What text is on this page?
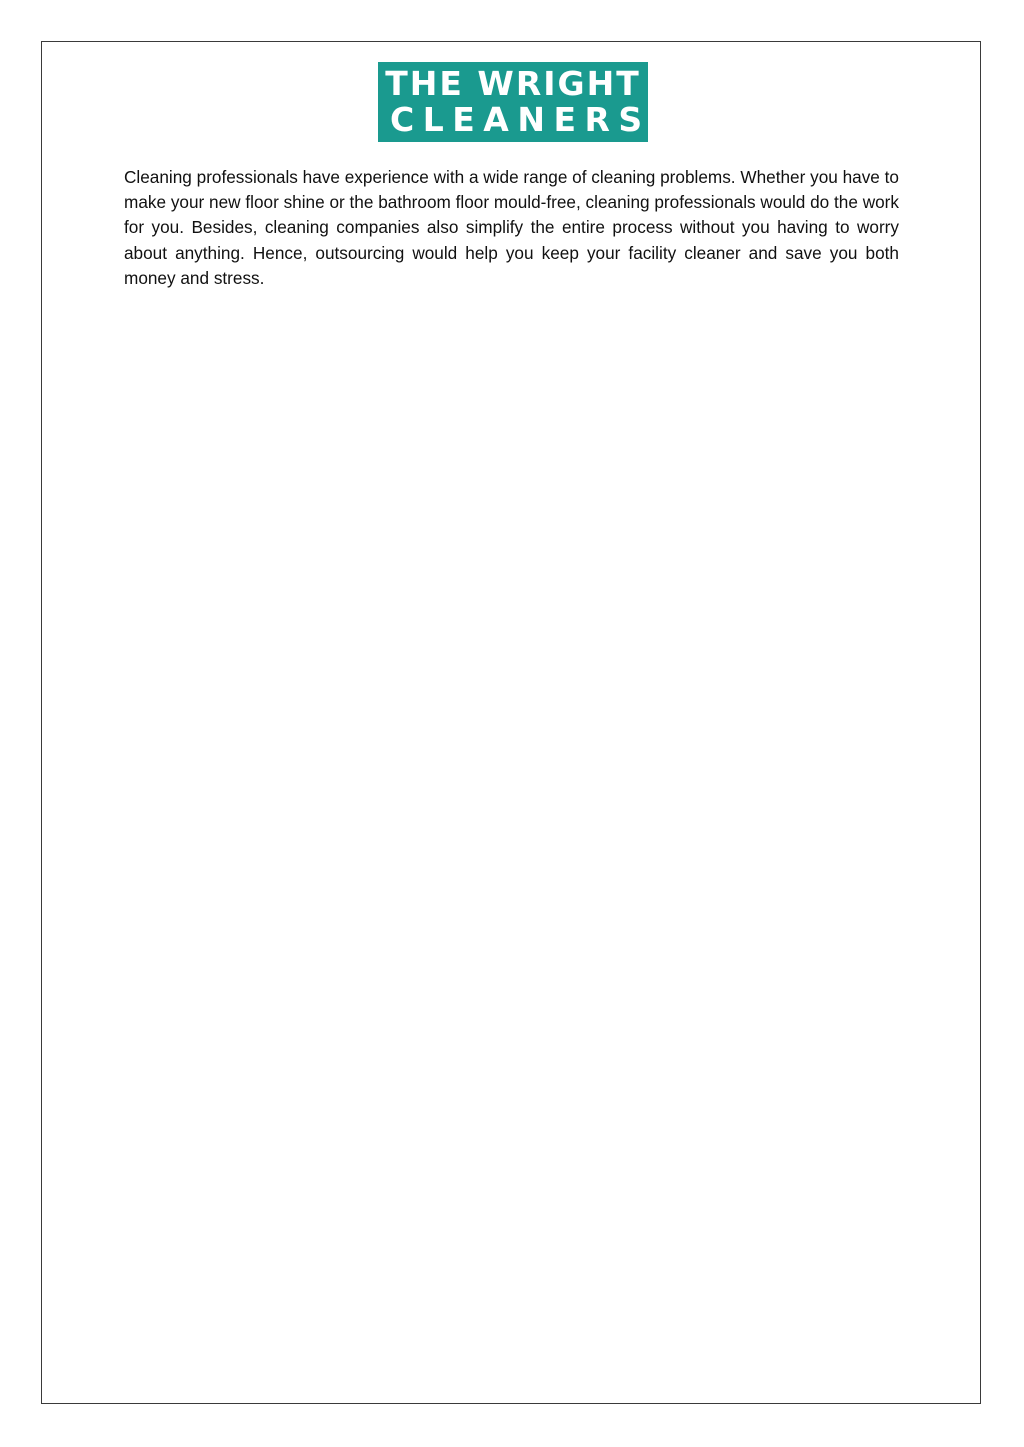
THE WRIGHT
CLEANERS

Cleaning professionals have experience with a wide range of cleaning problems. Whether you have to make your new floor shine or the bathroom floor mould-free, cleaning professionals would do the work for you. Besides, cleaning companies also simplify the entire process without you having to worry about anything. Hence, outsourcing would help you keep your facility cleaner and save you both money and stress.
